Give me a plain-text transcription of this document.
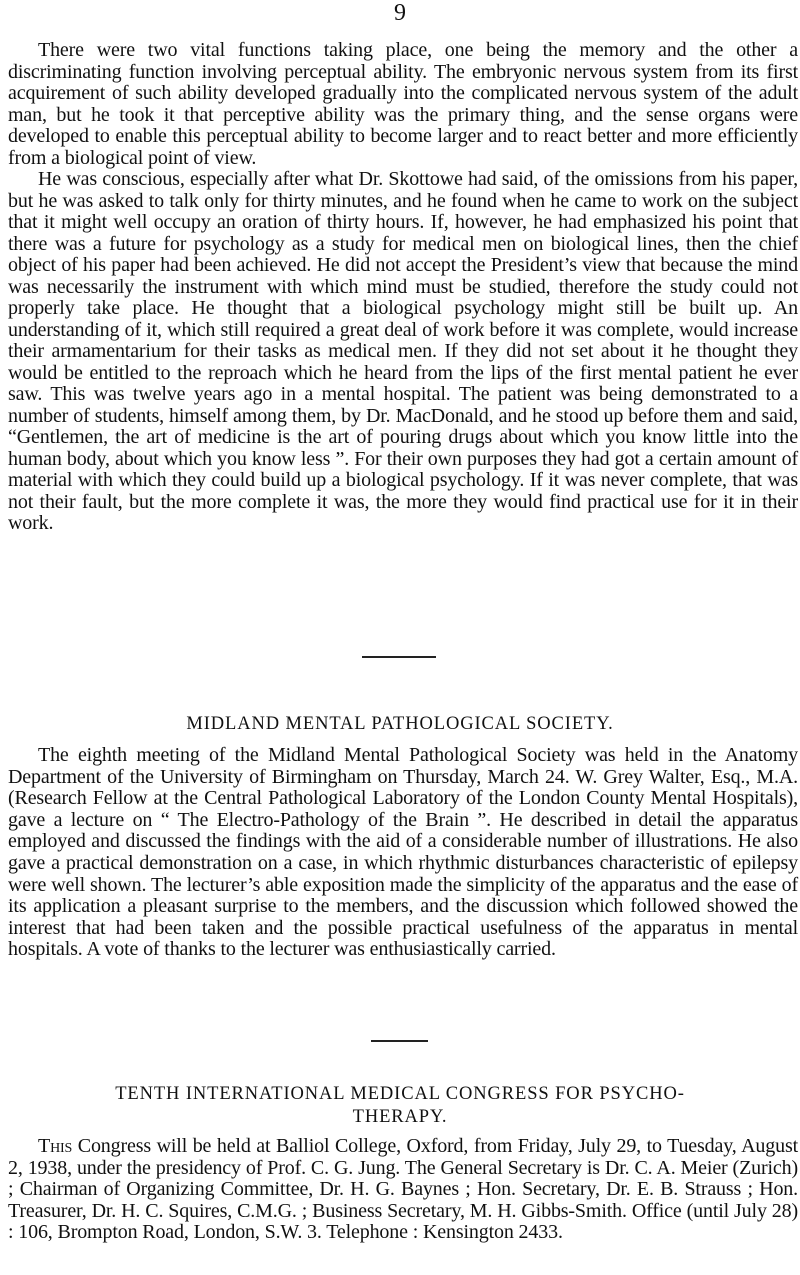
9

There were two vital functions taking place, one being the memory and the other a discriminating function involving perceptual ability. The embryonic nervous system from its first acquirement of such ability developed gradually into the complicated nervous system of the adult man, but he took it that perceptive ability was the primary thing, and the sense organs were developed to enable this perceptual ability to become larger and to react better and more efficiently from a biological point of view.

He was conscious, especially after what Dr. Skottowe had said, of the omissions from his paper, but he was asked to talk only for thirty minutes, and he found when he came to work on the subject that it might well occupy an oration of thirty hours. If, however, he had emphasized his point that there was a future for psychology as a study for medical men on biological lines, then the chief object of his paper had been achieved. He did not accept the President’s view that because the mind was necessarily the instrument with which mind must be studied, therefore the study could not properly take place. He thought that a biological psychology might still be built up. An understanding of it, which still required a great deal of work before it was complete, would increase their armamentarium for their tasks as medical men. If they did not set about it he thought they would be entitled to the reproach which he heard from the lips of the first mental patient he ever saw. This was twelve years ago in a mental hospital. The patient was being demonstrated to a number of students, himself among them, by Dr. MacDonald, and he stood up before them and said, “Gentlemen, the art of medicine is the art of pouring drugs about which you know little into the human body, about which you know less ”. For their own purposes they had got a certain amount of material with which they could build up a biological psychology. If it was never complete, that was not their fault, but the more complete it was, the more they would find practical use for it in their work.

MIDLAND MENTAL PATHOLOGICAL SOCIETY.

The eighth meeting of the Midland Mental Pathological Society was held in the Anatomy Department of the University of Birmingham on Thursday, March 24. W. Grey Walter, Esq., M.A. (Research Fellow at the Central Pathological Laboratory of the London County Mental Hospitals), gave a lecture on “ The Electro-Pathology of the Brain ”. He described in detail the apparatus employed and discussed the findings with the aid of a considerable number of illustrations. He also gave a practical demonstration on a case, in which rhythmic disturbances characteristic of epilepsy were well shown. The lecturer’s able exposition made the simplicity of the apparatus and the ease of its application a pleasant surprise to the members, and the discussion which followed showed the interest that had been taken and the possible practical usefulness of the apparatus in mental hospitals. A vote of thanks to the lecturer was enthusiastically carried.

TENTH INTERNATIONAL MEDICAL CONGRESS FOR PSYCHO-
THERAPY.

This Congress will be held at Balliol College, Oxford, from Friday, July 29, to Tuesday, August 2, 1938, under the presidency of Prof. C. G. Jung. The General Secretary is Dr. C. A. Meier (Zurich) ; Chairman of Organizing Committee, Dr. H. G. Baynes ; Hon. Secretary, Dr. E. B. Strauss ; Hon. Treasurer, Dr. H. C. Squires, C.M.G. ; Business Secretary, M. H. Gibbs-Smith. Office (until July 28) : 106, Brompton Road, London, S.W. 3. Telephone : Kensington 2433.
